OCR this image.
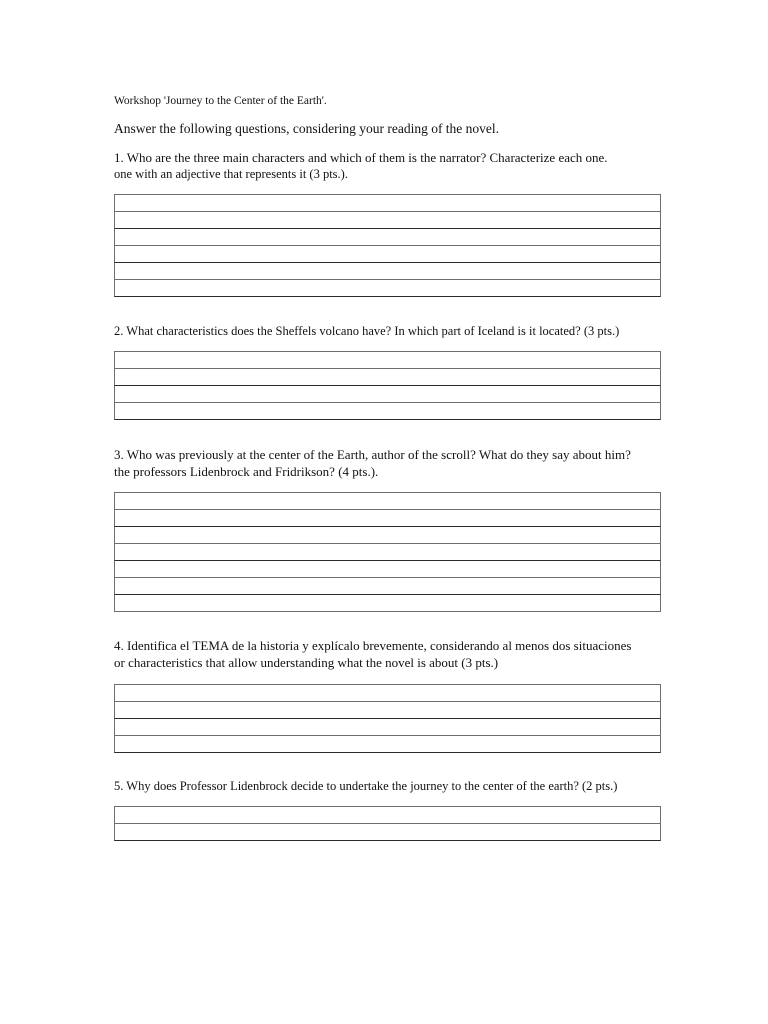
Workshop 'Journey to the Center of the Earth'.
Answer the following questions, considering your reading of the novel.
1. Who are the three main characters and which of them is the narrator? Characterize each one.
one with an adjective that represents it (3 pts.).
2. What characteristics does the Sheffels volcano have? In which part of Iceland is it located? (3 pts.)
3. Who was previously at the center of the Earth, author of the scroll? What do they say about him?
the professors Lidenbrock and Fridrikson? (4 pts.).
4. Identifica el TEMA de la historia y explícalo brevemente, considerando al menos dos situaciones
or characteristics that allow understanding what the novel is about (3 pts.)
5. Why does Professor Lidenbrock decide to undertake the journey to the center of the earth? (2 pts.)
